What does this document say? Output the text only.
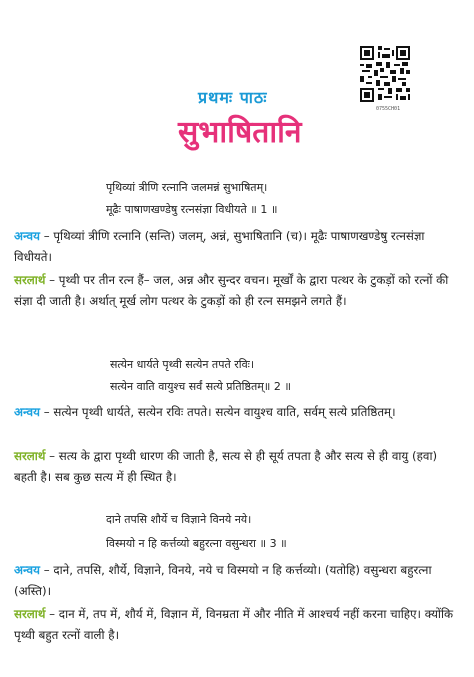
प्रथमः पाठः
सुभाषितानि
0755CH01
पृथिव्यां त्रीणि रत्नानि जलमन्नं सुभाषितम्।
मूढैः पाषाणखण्डेषु रत्नसंज्ञा विधीयते ॥ 1 ॥
अन्वय – पृथिव्यां त्रीणि रत्नानि (सन्ति) जलम्, अन्नं, सुभाषितानि (च)। मूढैः पाषाणखण्डेषु रत्नसंज्ञा विधीयते।
सरलार्थ – पृथ्वी पर तीन रत्न हैं– जल, अन्न और सुन्दर वचन। मूर्खों के द्वारा पत्थर के टुकड़ों को रत्नों की संज्ञा दी जाती है। अर्थात् मूर्ख लोग पत्थर के टुकड़ों को ही रत्न समझने लगते हैं।
सत्येन धार्यते पृथ्वी सत्येन तपते रविः।
सत्येन वाति वायुश्च सर्वं सत्ये प्रतिष्ठितम्॥ 2 ॥
अन्वय – सत्येन पृथ्वी धार्यते, सत्येन रविः तपते। सत्येन वायुश्च वाति, सर्वम् सत्ये प्रतिष्ठितम्।
सरलार्थ – सत्य के द्वारा पृथ्वी धारण की जाती है, सत्य से ही सूर्य तपता है और सत्य से ही वायु (हवा) बहती है। सब कुछ सत्य में ही स्थित है।
दाने तपसि शौर्ये च विज्ञाने विनये नये।
विस्मयो न हि कर्त्तव्यो बहुरत्ना वसुन्धरा ॥ 3 ॥
अन्वय – दाने, तपसि, शौर्ये, विज्ञाने, विनये, नये च विस्मयो न हि कर्त्तव्यो। (यतोहि) वसुन्धरा बहुरत्ना (अस्ति)।
सरलार्थ – दान में, तप में, शौर्य में, विज्ञान में, विनम्रता में और नीति में आश्चर्य नहीं करना चाहिए। क्योंकि पृथ्वी बहुत रत्नों वाली है।
